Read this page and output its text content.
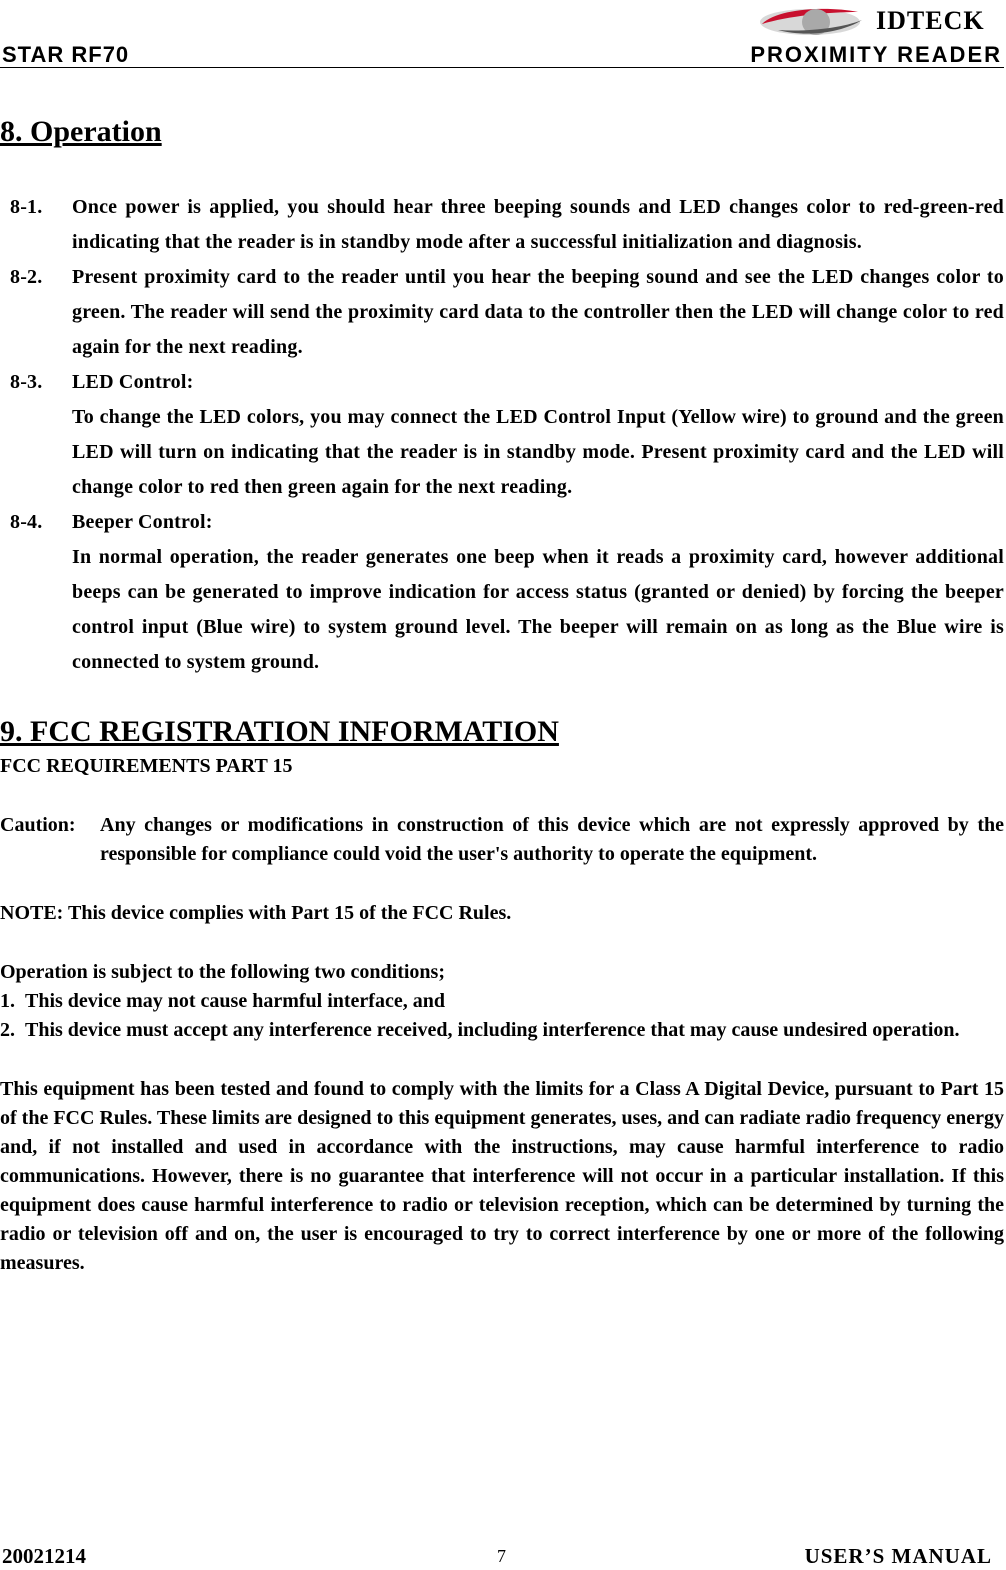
IDTECK
STAR RF70	PROXIMITY READER
8. Operation
8-1. Once power is applied, you should hear three beeping sounds and LED changes color to red-green-red indicating that the reader is in standby mode after a successful initialization and diagnosis.
8-2. Present proximity card to the reader until you hear the beeping sound and see the LED changes color to green. The reader will send the proximity card data to the controller then the LED will change color to red again for the next reading.
8-3. LED Control:
To change the LED colors, you may connect the LED Control Input (Yellow wire) to ground and the green LED will turn on indicating that the reader is in standby mode. Present proximity card and the LED will change color to red then green again for the next reading.
8-4. Beeper Control:
In normal operation, the reader generates one beep when it reads a proximity card, however additional beeps can be generated to improve indication for access status (granted or denied) by forcing the beeper control input (Blue wire) to system ground level. The beeper will remain on as long as the Blue wire is connected to system ground.
9. FCC REGISTRATION INFORMATION

FCC REQUIREMENTS PART 15

Caution: Any changes or modifications in construction of this device which are not expressly approved by the responsible for compliance could void the user's authority to operate the equipment.

NOTE: This device complies with Part 15 of the FCC Rules.

Operation is subject to the following two conditions;

1. This device may not cause harmful interface, and
2. This device must accept any interference received, including interference that may cause undesired operation.

This equipment has been tested and found to comply with the limits for a Class A Digital Device, pursuant to Part 15 of the FCC Rules. These limits are designed to this equipment generates, uses, and can radiate radio frequency energy and, if not installed and used in accordance with the instructions, may cause harmful interference to radio communications. However, there is no guarantee that interference will not occur in a particular installation. If this equipment does cause harmful interference to radio or television reception, which can be determined by turning the radio or television off and on, the user is encouraged to try to correct interference by one or more of the following measures.

20021214	7	USER’S MANUAL
